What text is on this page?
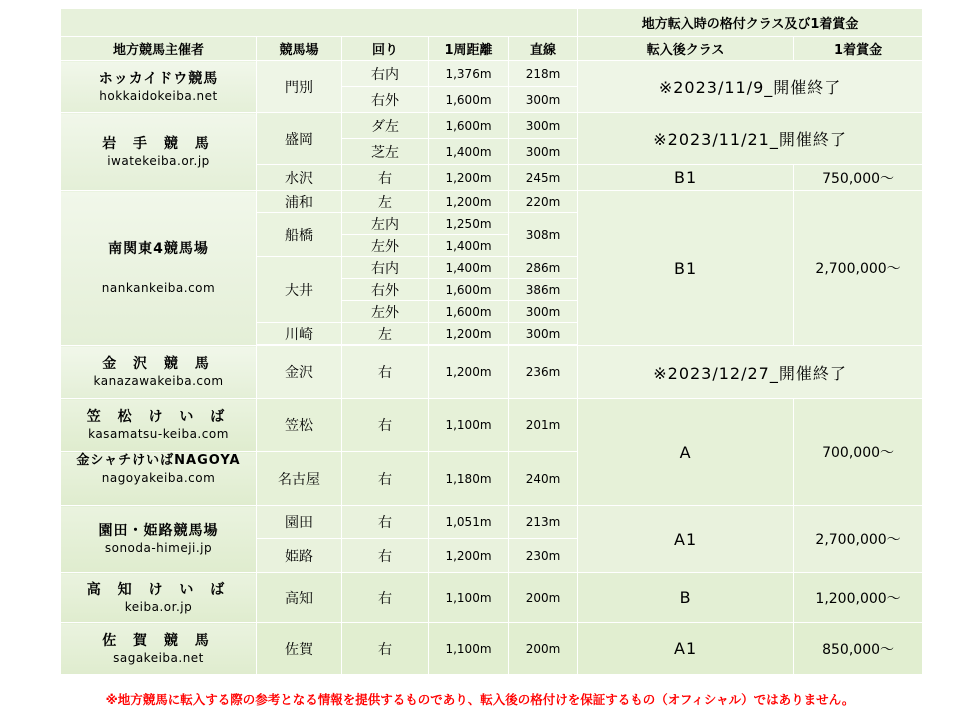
					地方転入時の格付クラス及び1着賞金	
地方競馬主催者	競馬場	回り	1周距離	直線	転入後クラス	1着賞金

ホッカイドウ競馬
hokkaidokeiba.net	門別	右内	1,376m	218m	※2023/11/9_開催終了	
		右外	1,600m	300m		

岩 手 競 馬
iwatekeiba.or.jp	盛岡	ダ左	1,600m	300m	※2023/11/21_開催終了	
		芝左	1,400m	300m		
	水沢	右	1,200m	245m	B1	750,000～

南関東4競馬場
nankankeiba.com	浦和	左	1,200m	220m	B1	2,700,000～
	船橋	左内	1,250m	308m		
		左外	1,400m			
	大井	右内	1,400m	286m		
		右外	1,600m	386m		
		左外	1,600m	300m		
	川崎	左	1,200m	300m		

金 沢 競 馬
kanazawakeiba.com	金沢	右	1,200m	236m	※2023/12/27_開催終了	

笠 松 け い ば
kasamatsu-keiba.com	笠松	右	1,100m	201m	A	700,000～

金シャチけいばNAGOYA
nagoyakeiba.com	名古屋	右	1,180m	240m		

園田・姫路競馬場
sonoda-himeji.jp	園田	右	1,051m	213m	A1	2,700,000～
	姫路	右	1,200m	230m		

高 知 け い ば
keiba.or.jp	高知	右	1,100m	200m	B	1,200,000～

佐 賀 競 馬
sagakeiba.net	佐賀	右	1,100m	200m	A1	850,000～
※地方競馬に転入する際の参考となる情報を提供するものであり、転入後の格付けを保証するもの（オフィシャル）ではありません。
